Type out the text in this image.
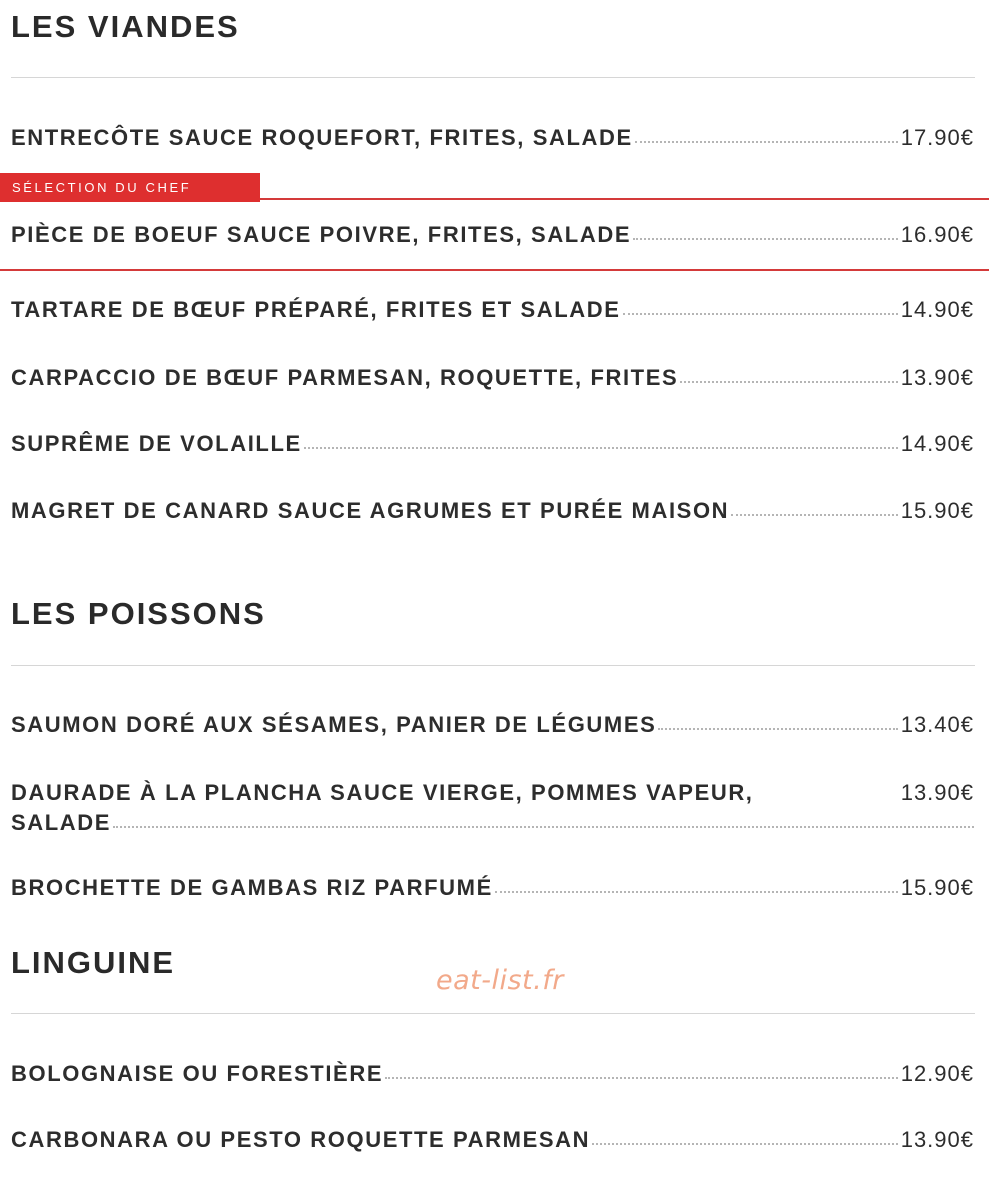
LES VIANDES
ENTRECÔTE SAUCE ROQUEFORT, FRITES, SALADE	17.90€
SÉLECTION DU CHEF
PIÈCE DE BOEUF SAUCE POIVRE, FRITES, SALADE	16.90€
TARTARE DE BŒUF PRÉPARÉ, FRITES ET SALADE	14.90€
CARPACCIO DE BŒUF PARMESAN, ROQUETTE, FRITES	13.90€
SUPRÊME DE VOLAILLE	14.90€
MAGRET DE CANARD SAUCE AGRUMES ET PURÉE MAISON	15.90€
LES POISSONS
SAUMON DORÉ AUX SÉSAMES, PANIER DE LÉGUMES	13.40€
DAURADE À LA PLANCHA SAUCE VIERGE, POMMES VAPEUR,	13.90€
SALADE
BROCHETTE DE GAMBAS RIZ PARFUMÉ	15.90€
LINGUINE
eat-list.fr
BOLOGNAISE OU FORESTIÈRE	12.90€
CARBONARA OU PESTO ROQUETTE PARMESAN	13.90€
